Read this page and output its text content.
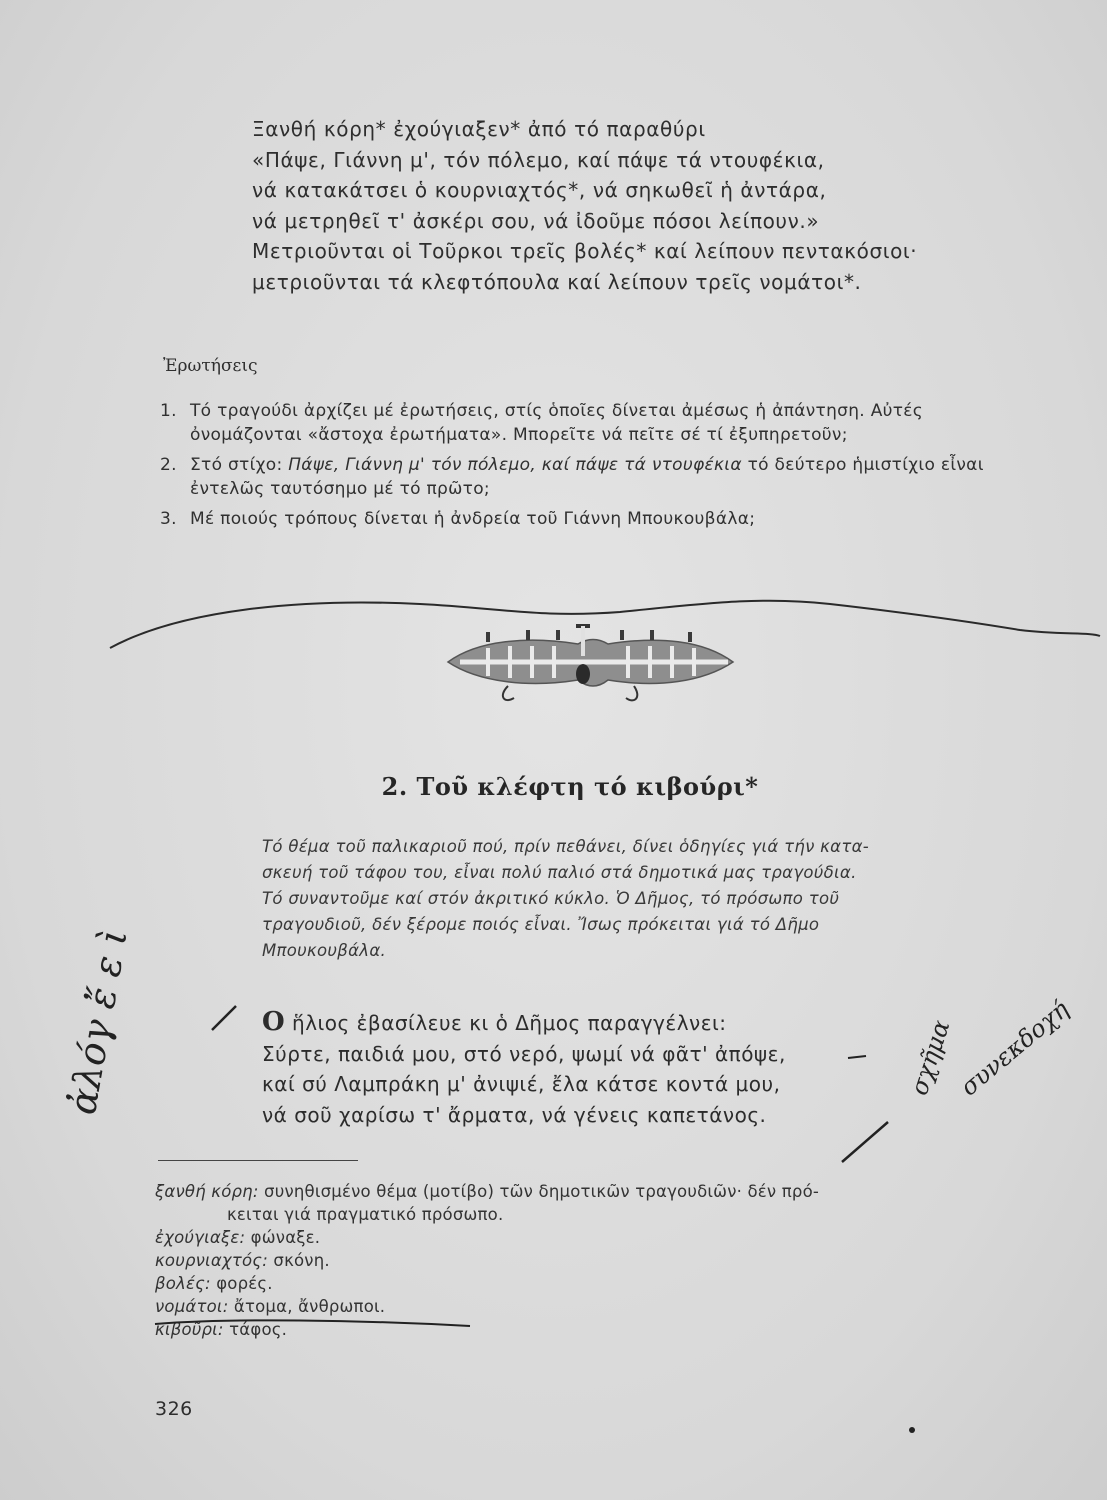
Ξανθή κόρη* ἐχούγιαξεν* ἀπό τό παραθύρι
«Πάψε, Γιάννη μ', τόν πόλεμο, καί πάψε τά ντουφέκια,
νά κατακάτσει ὁ κουρνιαχτός*, νά σηκωθεῖ ἡ ἀντάρα,
νά μετρηθεῖ τ' ἀσκέρι σου, νά ἰδοῦμε πόσοι λείπουν.»
Μετριοῦνται οἱ Τοῦρκοι τρεῖς βολές* καί λείπουν πεντακόσιοι·
μετριοῦνται τά κλεφτόπουλα καί λείπουν τρεῖς νομάτοι*.
Ἐρωτήσεις
1. Τό τραγούδι ἀρχίζει μέ ἐρωτήσεις, στίς ὁποῖες δίνεται ἀμέσως ἡ ἀπάντηση. Αὐτές ὀνομάζονται «ἄστοχα ἐρωτήματα». Μπορεῖτε νά πεῖτε σέ τί ἐξυπηρετοῦν;
2. Στό στίχο: Πάψε, Γιάννη μ' τόν πόλεμο, καί πάψε τά ντουφέκια τό δεύτερο ἡμιστίχιο εἶναι ἐντελῶς ταυτόσημο μέ τό πρῶτο;
3. Μέ ποιούς τρόπους δίνεται ἡ ἀνδρεία τοῦ Γιάννη Μπουκουβάλα;
2. Τοῦ κλέφτη τό κιβούρι*
Τό θέμα τοῦ παλικαριοῦ πού, πρίν πεθάνει, δίνει ὁδηγίες γιά τήν κατα-
σκευή τοῦ τάφου του, εἶναι πολύ παλιό στά δημοτικά μας τραγούδια.
Τό συναντοῦμε καί στόν ἀκριτικό κύκλο. Ὁ Δῆμος, τό πρόσωπο τοῦ
τραγουδιοῦ, δέν ξέρομε ποιός εἶναι. Ἴσως πρόκειται γιά τό Δῆμο
Μπουκουβάλα.
Ο ἥλιος ἐβασίλευε κι ὁ Δῆμος παραγγέλνει:
Σύρτε, παιδιά μου, στό νερό, ψωμί νά φᾶτ' ἀπόψε,
καί σύ Λαμπράκη μ' ἀνιψιέ, ἔλα κάτσε κοντά μου,
νά σοῦ χαρίσω τ' ἄρματα, νά γένεις καπετάνος.
ξανθή κόρη: συνηθισμένο θέμα (μοτίβο) τῶν δημοτικῶν τραγουδιῶν· δέν πρό-
κειται γιά πραγματικό πρόσωπο.
ἐχούγιαξε: φώναξε.
κουρνιαχτός: σκόνη.
βολές: φορές.
νομάτοι: ἄτομα, ἄνθρωποι.
κιβοῦρι: τάφος.
326
ἀλόγ ἔ ε ὶ	σχῆμα συνεκδοχή
